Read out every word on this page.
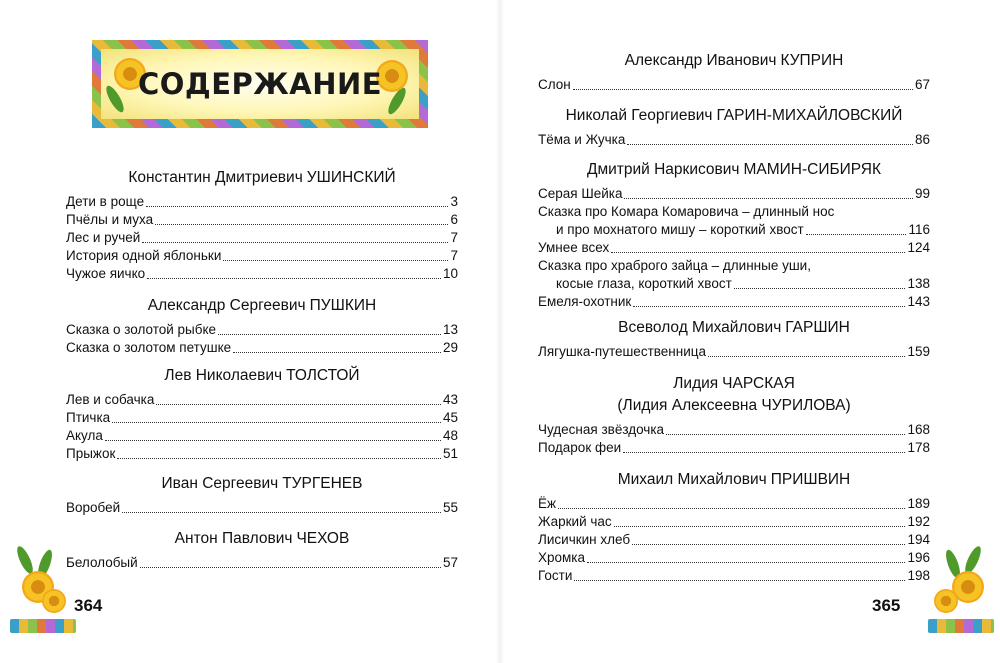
СОДЕРЖАНИЕ
Константин Дмитриевич УШИНСКИЙ
Дети в роще	3
Пчёлы и муха	6
Лес и ручей	7
История одной яблоньки	7
Чужое яичко	10
Александр Сергеевич ПУШКИН
Сказка о золотой рыбке	13
Сказка о золотом петушке	29
Лев Николаевич ТОЛСТОЙ
Лев и собачка	43
Птичка	45
Акула	48
Прыжок	51
Иван Сергеевич ТУРГЕНЕВ
Воробей	55
Антон Павлович ЧЕХОВ
Белолобый	57
364
Александр Иванович КУПРИН
Слон	67
Николай Георгиевич ГАРИН-МИХАЙЛОВСКИЙ
Тёма и Жучка	86
Дмитрий Наркисович МАМИН-СИБИРЯК
Серая Шейка	99
Сказка про Комара Комаровича – длинный нос
и про мохнатого мишу – короткий хвост	116
Умнее всех	124
Сказка про храброго зайца – длинные уши,
косые глаза, короткий хвост	138
Емеля-охотник	143
Всеволод Михайлович ГАРШИН
Лягушка-путешественница	159
Лидия ЧАРСКАЯ
(Лидия Алексеевна ЧУРИЛОВА)
Чудесная звёздочка	168
Подарок феи	178
Михаил Михайлович ПРИШВИН
Ёж	189
Жаркий час	192
Лисичкин хлеб	194
Хромка	196
Гости	198
365
